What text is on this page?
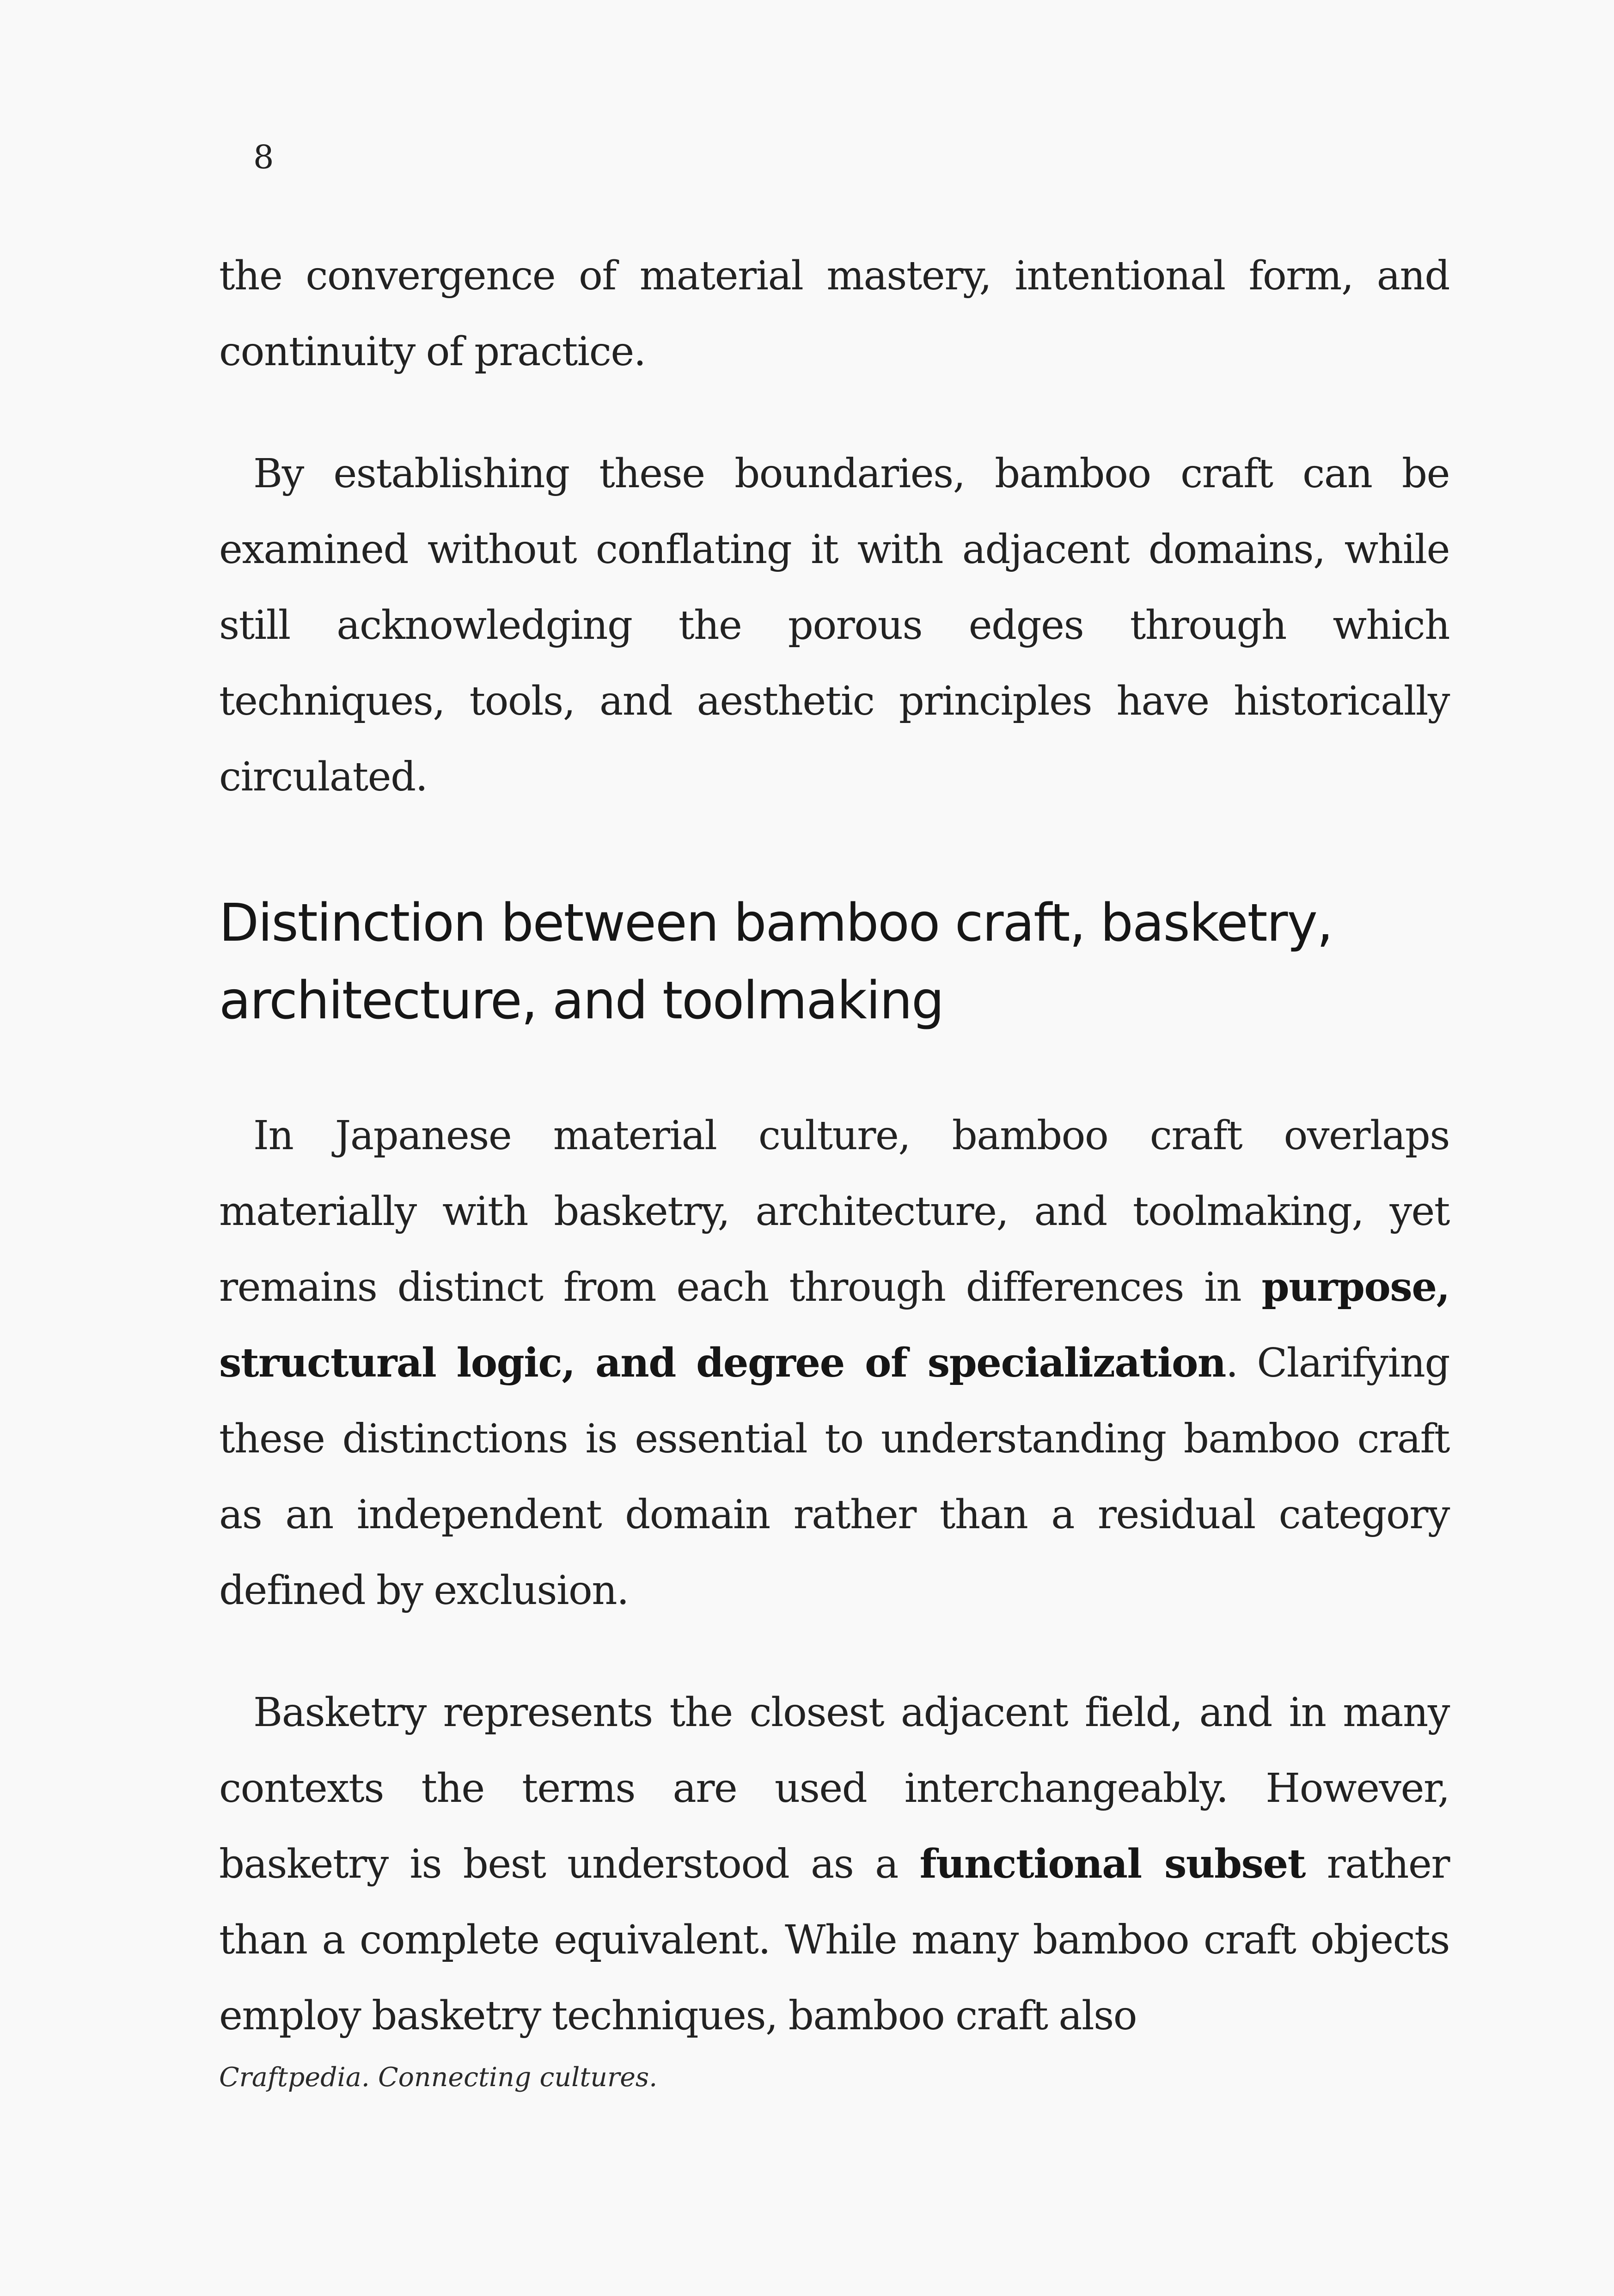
8

the convergence of material mastery, intentional form, and continuity of practice.

By establishing these boundaries, bamboo craft can be examined without conflating it with adjacent domains, while still acknowledging the porous edges through which techniques, tools, and aesthetic principles have historically circulated.

Distinction between bamboo craft, basketry, architecture, and toolmaking

In Japanese material culture, bamboo craft overlaps materially with basketry, architecture, and toolmaking, yet remains distinct from each through differences in purpose, structural logic, and degree of specialization. Clarifying these distinctions is essential to understanding bamboo craft as an independent domain rather than a residual category defined by exclusion.

Basketry represents the closest adjacent field, and in many contexts the terms are used interchangeably. However, basketry is best understood as a functional subset rather than a complete equivalent. While many bamboo craft objects employ basketry techniques, bamboo craft also

Craftpedia. Connecting cultures.
